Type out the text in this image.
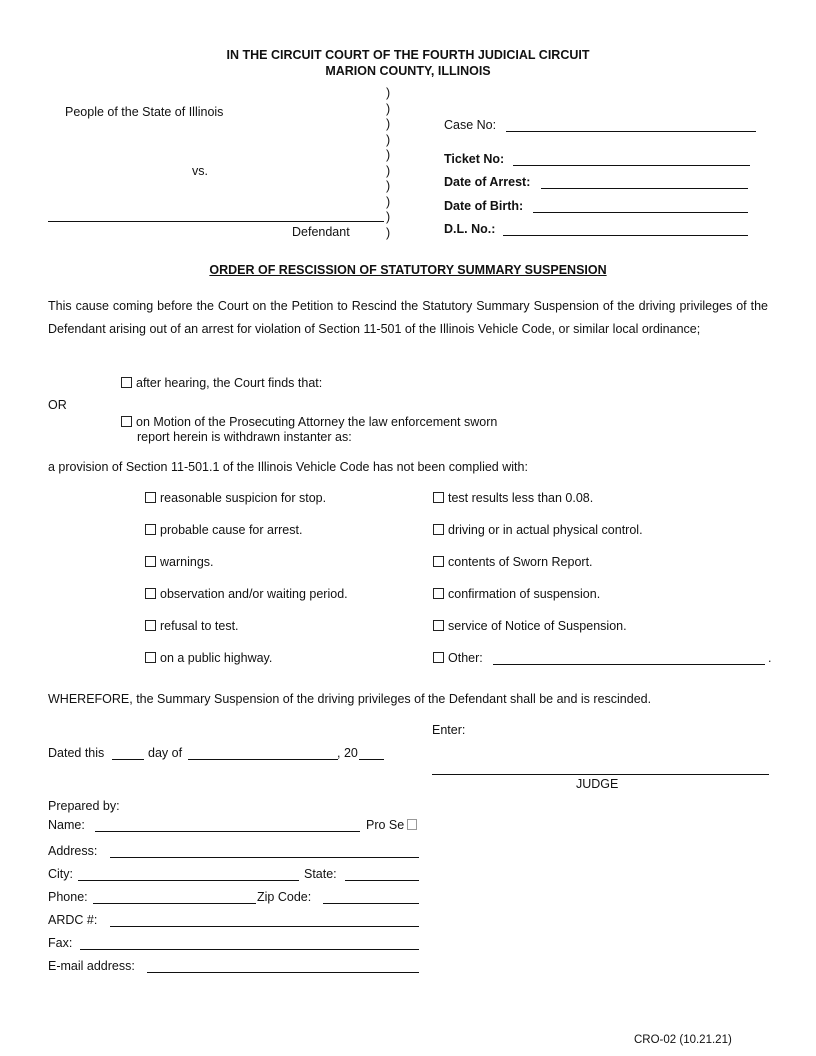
IN THE CIRCUIT COURT OF THE FOURTH JUDICIAL CIRCUIT
MARION COUNTY, ILLINOIS
People of the State of Illinois
vs.
Defendant
)
)
)
)
)
)
)
)
)
)
Case No:
Ticket No:
Date of Arrest:
Date of Birth:
D.L. No.:
ORDER OF RESCISSION OF STATUTORY SUMMARY SUSPENSION
This cause coming before the Court on the Petition to Rescind the Statutory Summary Suspension of the driving privileges of the Defendant arising out of an arrest for violation of Section 11-501 of the Illinois Vehicle Code, or similar local ordinance;
after hearing, the Court finds that:
OR
on Motion of the Prosecuting Attorney the law enforcement sworn
report herein is withdrawn instanter as:
a provision of Section 11-501.1 of the Illinois Vehicle Code has not been complied with:
reasonable suspicion for stop.
probable cause for arrest.
warnings.
observation and/or waiting period.
refusal to test.
on a public highway.
test results less than 0.08.
driving or in actual physical control.
contents of Sworn Report.
confirmation of suspension.
service of Notice of Suspension.
Other:	.
WHEREFORE, the Summary Suspension of the driving privileges of the Defendant shall be and is rescinded.
Enter:
JUDGE
Dated this	day of	, 20
Prepared by:
Name:	Pro Se
Address:
City:	State:
Phone:	Zip Code:
ARDC #:
Fax:
E-mail address:
CRO-02 (10.21.21)
